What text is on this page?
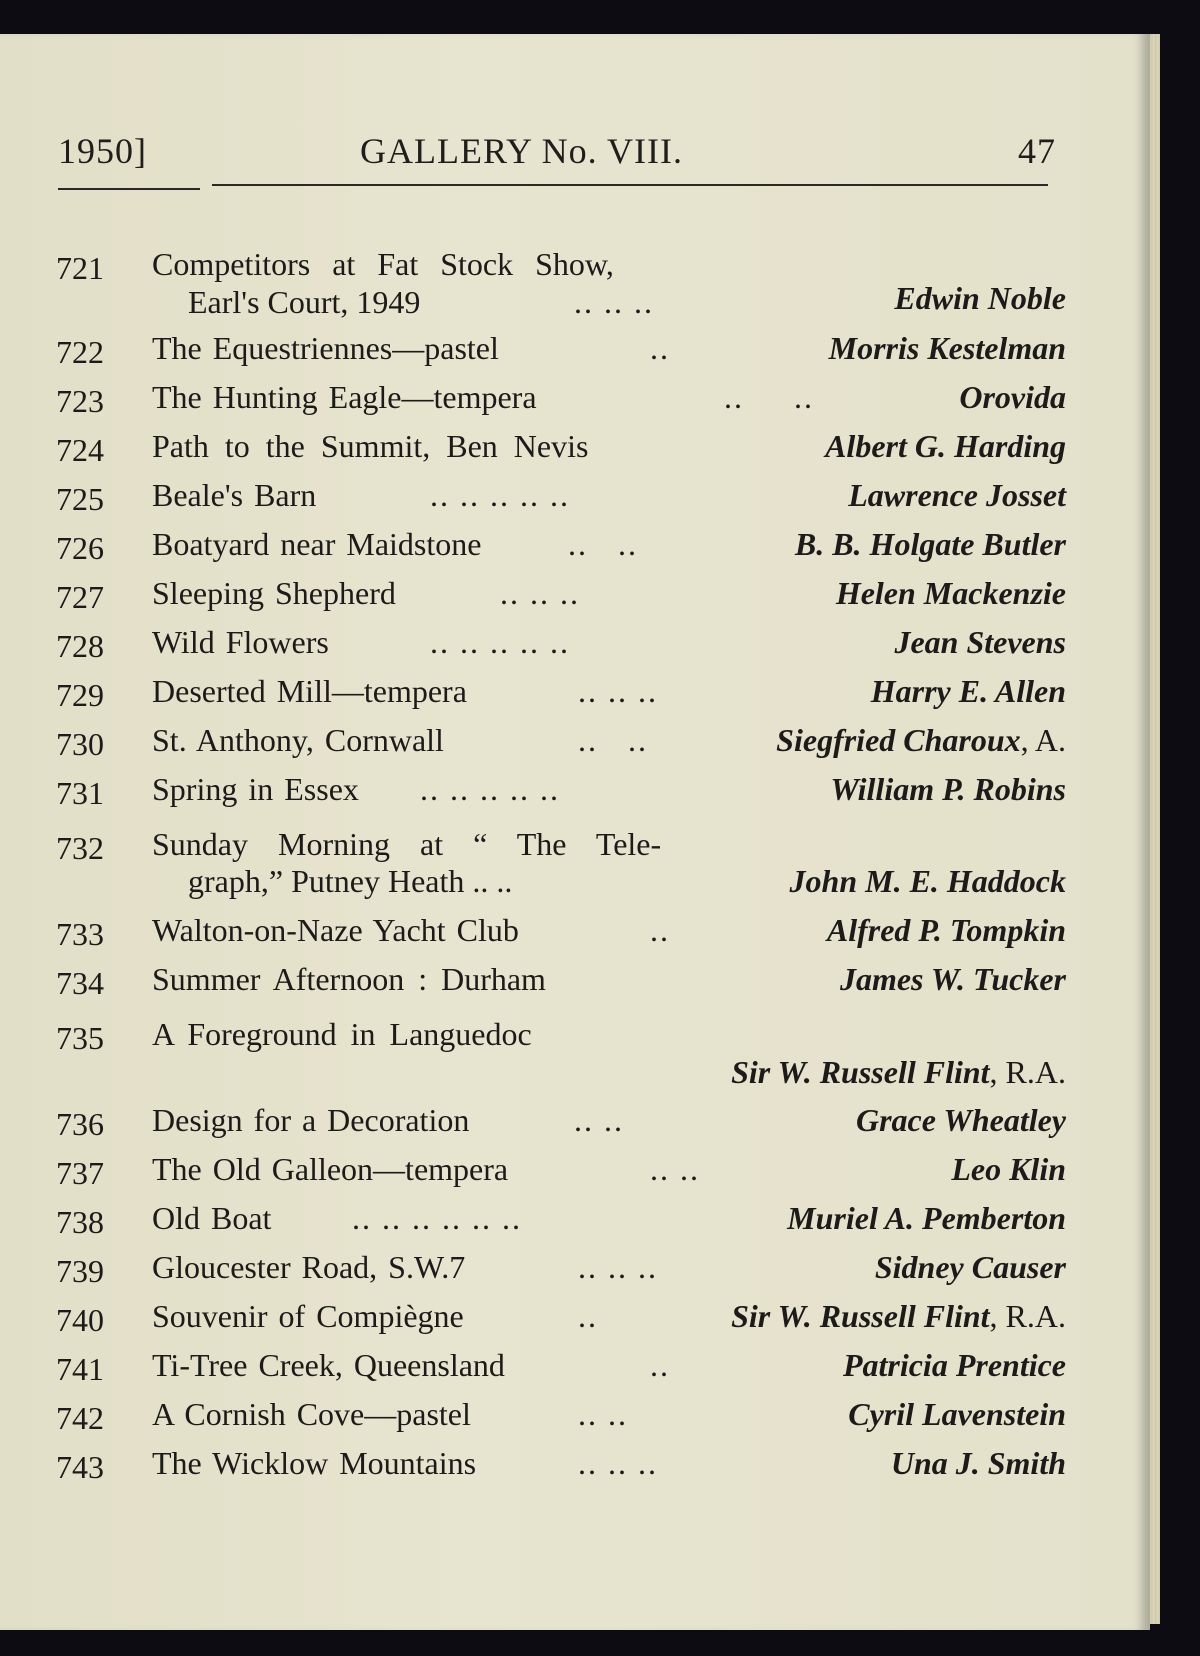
1950]	GALLERY No. VIII.	47
721	Competitors at Fat Stock Show,
Earl's Court, 1949	.. .. ..	Edwin Noble
722	The Equestriennes—pastel	..	Morris Kestelman
723	The Hunting Eagle—tempera	..     ..	Orovida
724	Path to the Summit, Ben Nevis	Albert G. Harding
725	Beale's Barn	.. .. .. .. ..	Lawrence Josset
726	Boatyard near Maidstone	..   ..	B. B. Holgate Butler
727	Sleeping Shepherd	.. .. ..	Helen Mackenzie
728	Wild Flowers	.. .. .. .. ..	Jean Stevens
729	Deserted Mill—tempera	.. .. ..	Harry E. Allen
730	St. Anthony, Cornwall	..   ..	Siegfried Charoux, A.
731	Spring in Essex .. .. .. .. ..	William P. Robins
732	Sunday Morning at “ The Tele-
graph,” Putney Heath .. ..	John M. E. Haddock
733	Walton-on-Naze Yacht Club	..	Alfred P. Tompkin
734	Summer Afternoon : Durham	James W. Tucker
735	A Foreground in Languedoc
Sir W. Russell Flint, R.A.
736	Design for a Decoration	.. ..	Grace Wheatley
737	The Old Galleon—tempera	.. ..	Leo Klin
738	Old Boat	.. .. .. .. .. ..	Muriel A. Pemberton
739	Gloucester Road, S.W.7	.. .. ..	Sidney Causer
740	Souvenir of Compiègne	..	Sir W. Russell Flint, R.A.
741	Ti-Tree Creek, Queensland	..	Patricia Prentice
742	A Cornish Cove—pastel	.. ..	Cyril Lavenstein
743	The Wicklow Mountains	.. .. ..	Una J. Smith
